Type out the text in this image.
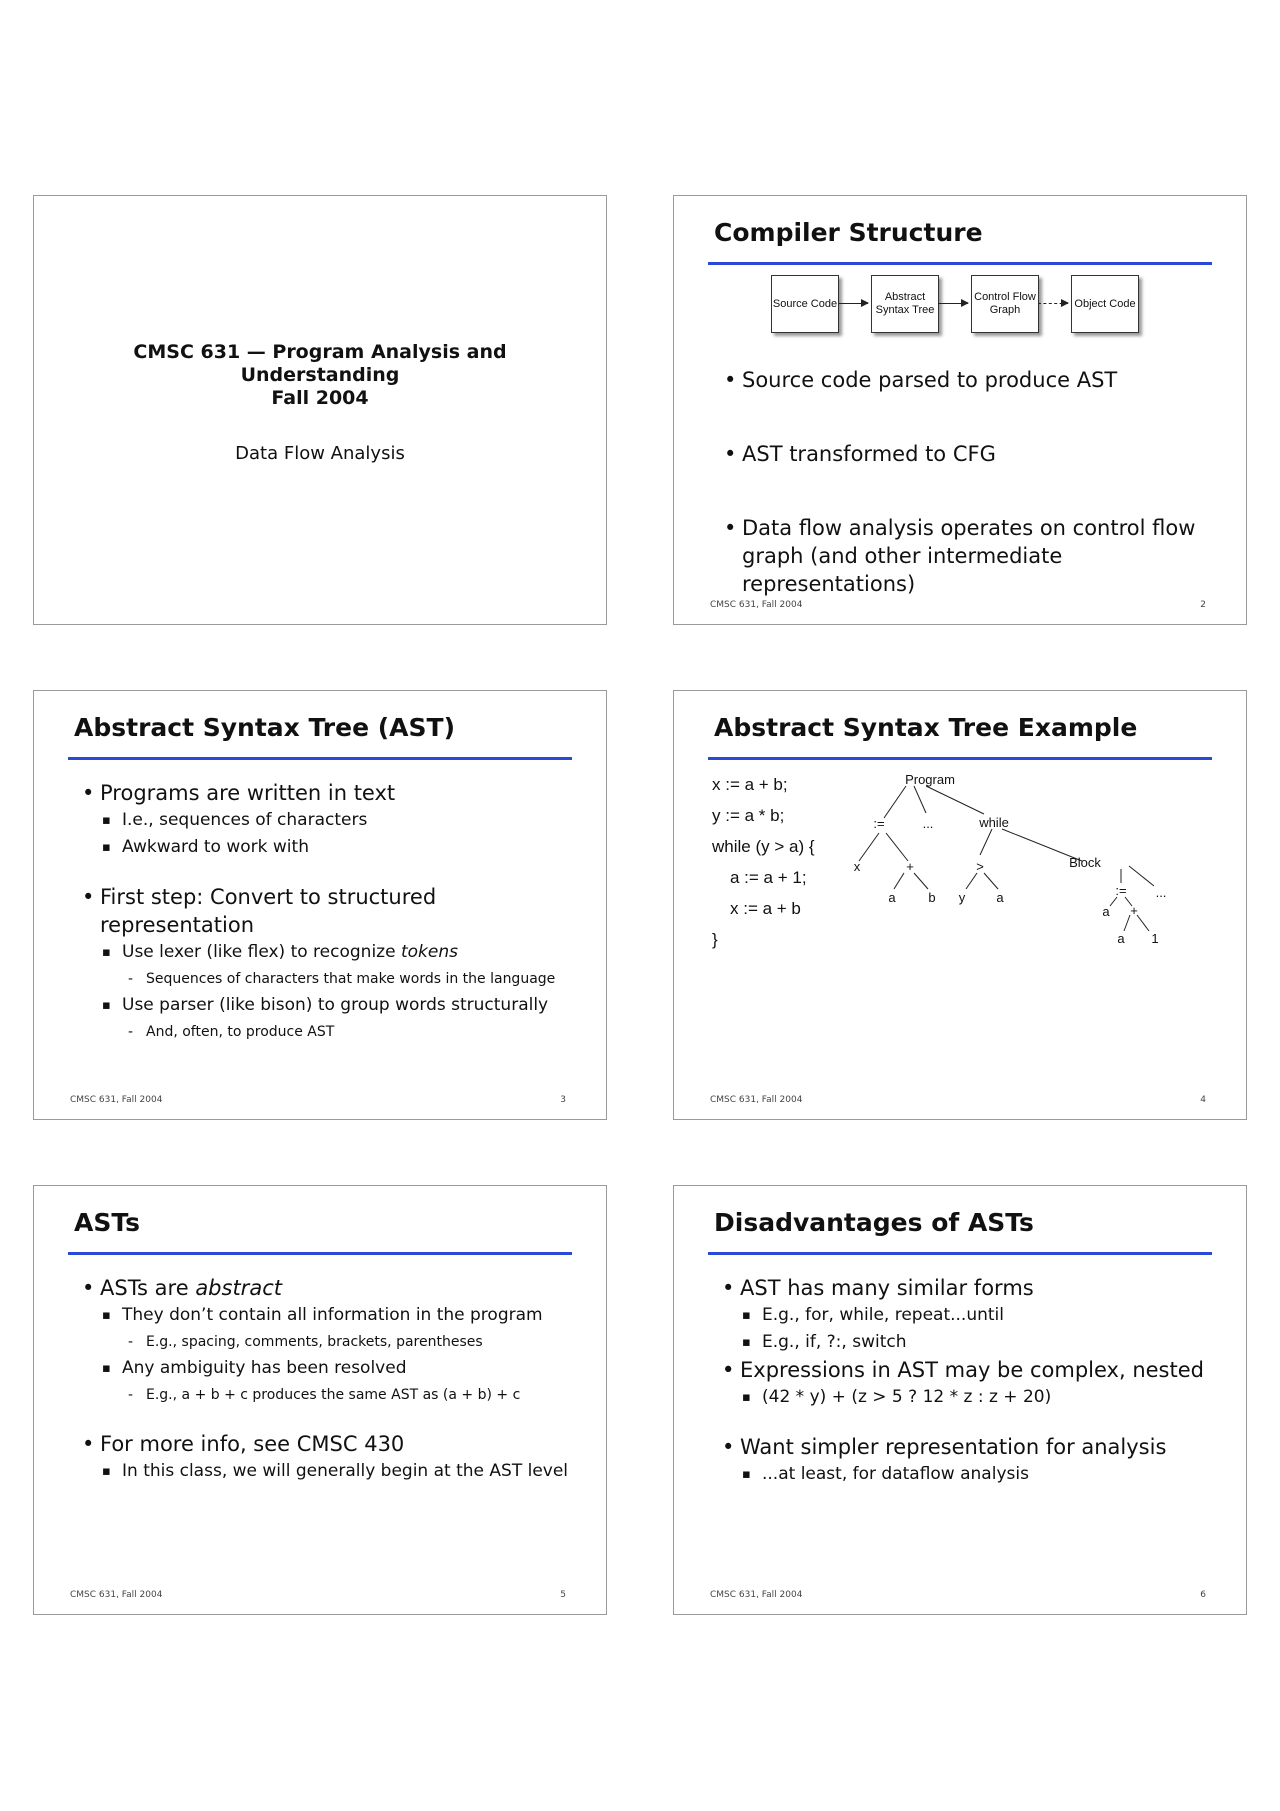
CMSC 631 — Program Analysis and
Understanding
Fall 2004
Data Flow Analysis
Compiler Structure
Source Code
Abstract Syntax Tree
Control Flow Graph
Object Code
• Source code parsed to produce AST
• AST transformed to CFG
• Data flow analysis operates on control flow graph (and other intermediate representations)
CMSC 631, Fall 2004	2
Abstract Syntax Tree (AST)
• Programs are written in text
▪ I.e., sequences of characters
▪ Awkward to work with
• First step: Convert to structured representation
▪ Use lexer (like flex) to recognize tokens
- Sequences of characters that make words in the language
▪ Use parser (like bison) to group words structurally
- And, often, to produce AST
CMSC 631, Fall 2004	3
Abstract Syntax Tree Example
x := a + b;
y := a * b;
while (y > a) {
a := a + 1;
x := a + b
}
Program
:=	...	while
x	+	>	Block
a	b y a	:= ...
a +
a 1
CMSC 631, Fall 2004	4
ASTs
• ASTs are abstract
▪ They don’t contain all information in the program
- E.g., spacing, comments, brackets, parentheses
▪ Any ambiguity has been resolved
- E.g., a + b + c produces the same AST as (a + b) + c
• For more info, see CMSC 430
▪ In this class, we will generally begin at the AST level
CMSC 631, Fall 2004	5
Disadvantages of ASTs
• AST has many similar forms
▪ E.g., for, while, repeat...until
▪ E.g., if, ?:, switch
• Expressions in AST may be complex, nested
▪ (42 * y) + (z > 5 ? 12 * z : z + 20)
• Want simpler representation for analysis
▪ ...at least, for dataflow analysis
CMSC 631, Fall 2004	6
